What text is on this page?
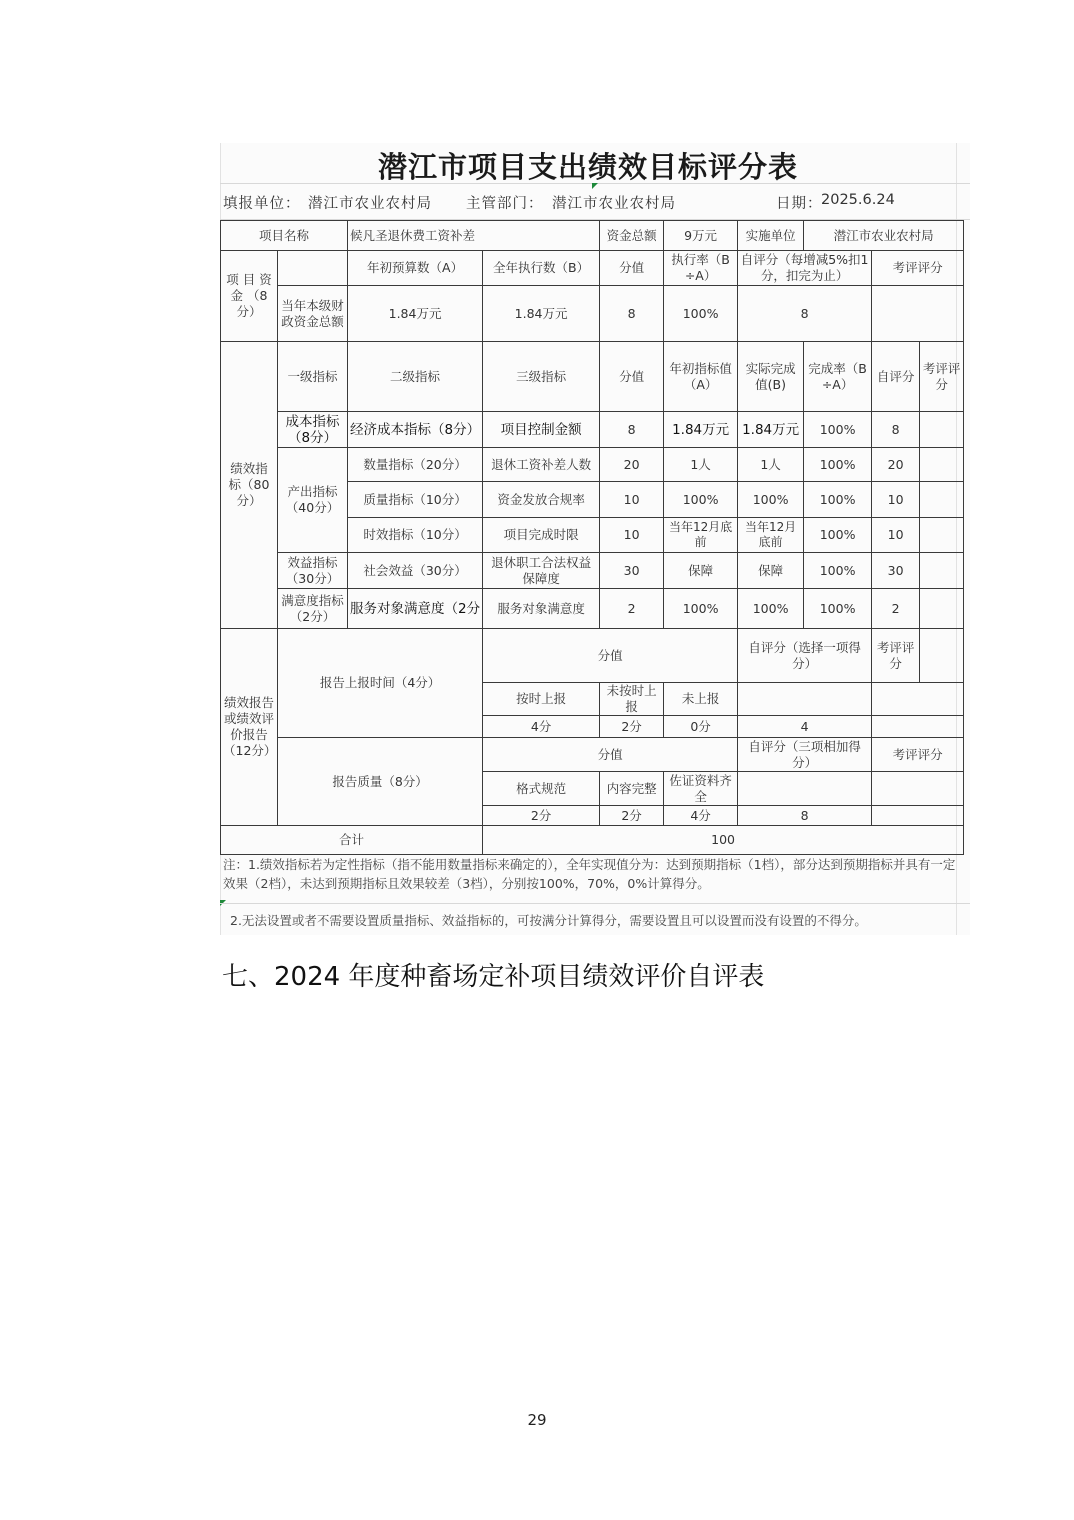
潜江市项目支出绩效目标评分表
填报单位： 潜江市农业农村局 主管部门： 潜江市农业农村局	日期：
2025.6.24
项目名称		候凡圣退休费工资补差		资金总额	9万元	实施单位	潜江市农业农村局		
项 目 资 金 （8分）		年初预算数（A）	全年执行数（B）	分值	执行率（B÷A）	自评分（每增减5%扣1分，扣完为止）		考评评分	
	当年本级财政资金总额	1.84万元	1.84万元	8	100%	8			
绩效指 标（80 分）	一级指标	二级指标	三级指标	分值	年初指标值（A）	实际完成值(B)	完成率（B÷A）	自评分	考评评分
	成本指标（8分）	经济成本指标（8分）	项目控制金额	8	1.84万元	1.84万元	100%	8	
	产出指标（40分）	数量指标（20分）	退休工资补差人数	20	1人	1人	100%	20	
		质量指标（10分）	资金发放合规率	10	100%	100%	100%	10	
		时效指标（10分）	项目完成时限	10	当年12月底前	当年12月底前	100%	10	
	效益指标（30分）	社会效益（30分）	退休职工合法权益保障度	30	保障	保障	100%	30	
	满意度指标（2分）	服务对象满意度（2分	服务对象满意度	2	100%	100%	100%	2	
绩效报告或绩效评价报告（12分）	报告上报时间（4分）		分值			自评分（选择一项得分）		考评评分	
			按时上报	未按时上报	未上报				
			4分	2分	0分	4			
	报告质量（8分）		分值			自评分（三项相加得分）		考评评分	
			格式规范	内容完整	佐证资料齐全				
			2分	2分	4分	8			
合计			100						
注：1.绩效指标若为定性指标（指不能用数量指标来确定的），全年实现值分为：达到预期指标（1档），部分达到预期指标并具有一定效果（2档），未达到预期指标且效果较差（3档），分别按100%，70%，0%计算得分。
2.无法设置或者不需要设置质量指标、效益指标的，可按满分计算得分，需要设置且可以设置而没有设置的不得分。
七、2024 年度种畜场定补项目绩效评价自评表
29
